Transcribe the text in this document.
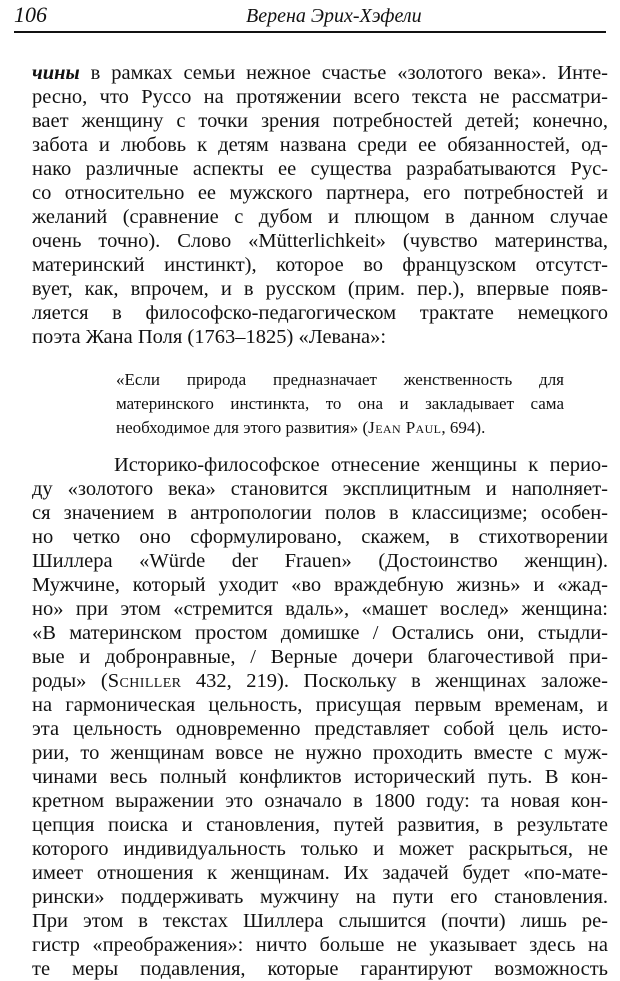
106	Верена Эрих-Хэфели
чины в рамках семьи нежное счастье «золотого века». Инте-
ресно, что Руссо на протяжении всего текста не рассматри-
вает женщину с точки зрения потребностей детей; конечно,
забота и любовь к детям названа среди ее обязанностей, од-
нако различные аспекты ее существа разрабатываются Рус-
со относительно ее мужского партнера, его потребностей и
желаний (сравнение с дубом и плющом в данном случае
очень точно). Слово «Mütterlichkeit» (чувство материнства,
материнский инстинкт), которое во французском отсутст-
вует, как, впрочем, и в русском (прим. пер.), впервые появ-
ляется в философско-педагогическом трактате немецкого
поэта Жана Поля (1763–1825) «Левана»:
«Если природа предназначает женственность для
материнского инстинкта, то она и закладывает сама
необходимое для этого развития» (Jean Paul, 694).
Историко-философское отнесение женщины к перио-
ду «золотого века» становится эксплицитным и наполняет-
ся значением в антропологии полов в классицизме; особен-
но четко оно сформулировано, скажем, в стихотворении
Шиллера «Würde der Frauen» (Достоинство женщин).
Мужчине, который уходит «во враждебную жизнь» и «жад-
но» при этом «стремится вдаль», «машет вослед» женщина:
«В материнском простом домишке / Остались они, стыдли-
вые и добронравные, / Верные дочери благочестивой при-
роды» (Schiller 432, 219). Поскольку в женщинах заложе-
на гармоническая цельность, присущая первым временам, и
эта цельность одновременно представляет собой цель исто-
рии, то женщинам вовсе не нужно проходить вместе с муж-
чинами весь полный конфликтов исторический путь. В кон-
кретном выражении это означало в 1800 году: та новая кон-
цепция поиска и становления, путей развития, в результате
которого индивидуальность только и может раскрыться, не
имеет отношения к женщинам. Их задачей будет «по-мате-
рински» поддерживать мужчину на пути его становления.
При этом в текстах Шиллера слышится (почти) лишь ре-
гистр «преображения»: ничто больше не указывает здесь на
те меры подавления, которые гарантируют возможность
